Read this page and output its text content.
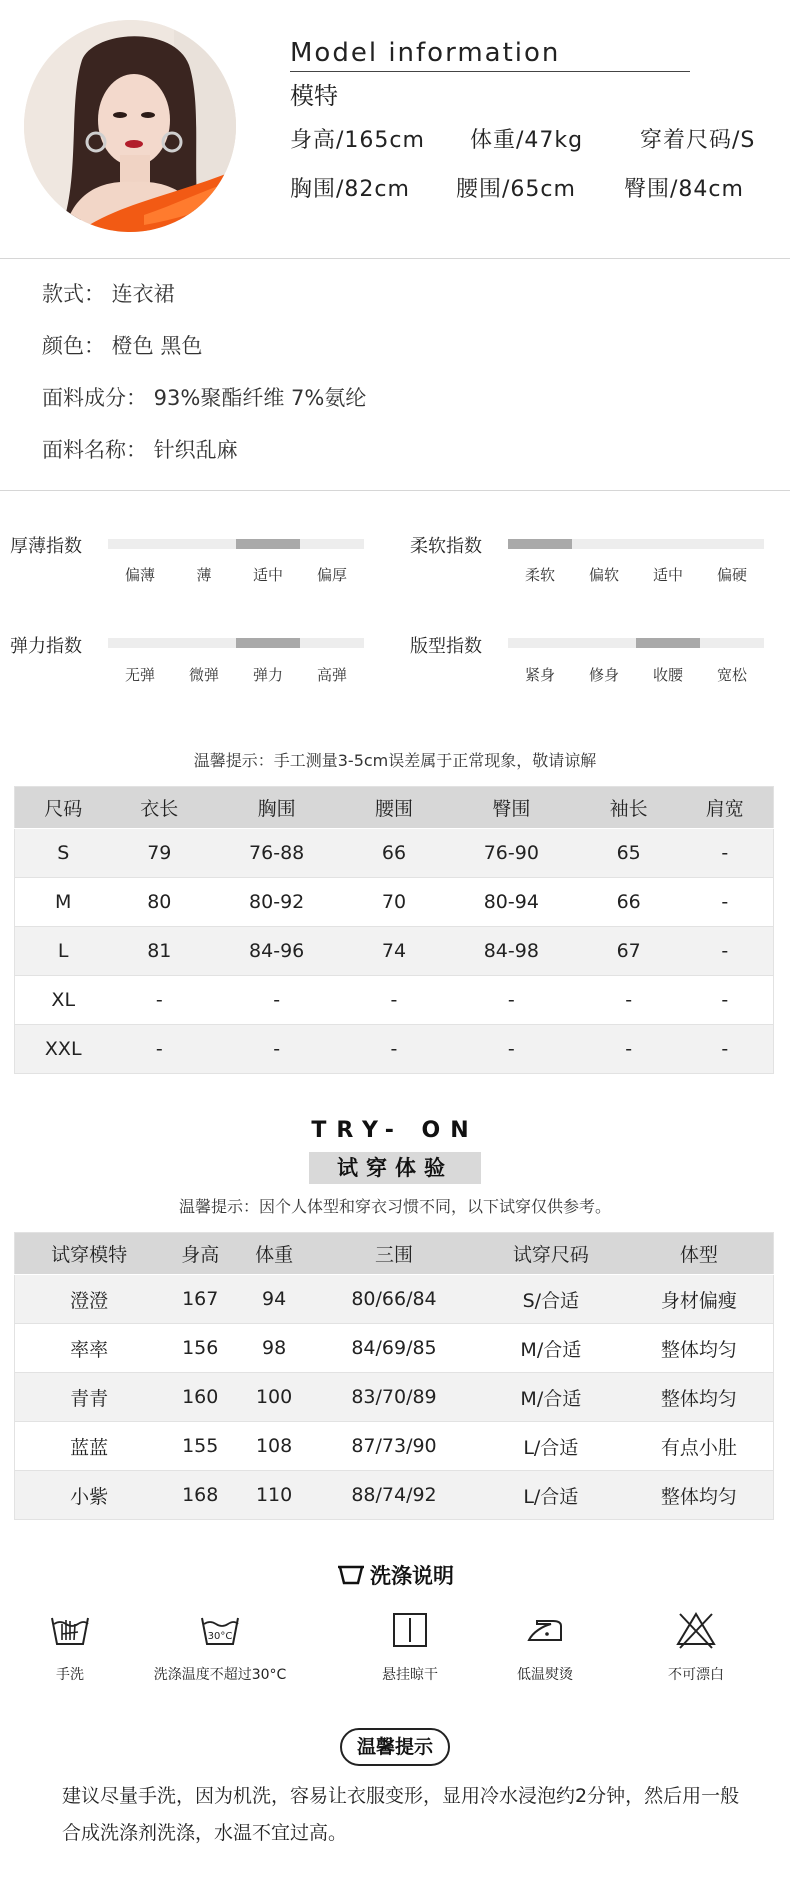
Model information
模特
身高/165cm 体重/47kg	穿着尺码/S
胸围/82cm 腰围/65cm 臀围/84cm
款式： 连衣裙
颜色： 橙色 黑色
面料成分： 93%聚酯纤维 7%氨纶
面料名称： 针织乱麻
厚薄指数
偏薄	薄	适中	偏厚
柔软指数
柔软	偏软	适中	偏硬
弹力指数
无弹	微弹	弹力	高弹
版型指数
紧身	修身	收腰	宽松
温馨提示：手工测量3-5cm误差属于正常现象，敬请谅解
尺码	衣长	胸围	腰围	臀围	袖长	肩宽
S	79	76-88	66	76-90	65	-
M	80	80-92	70	80-94	66	-
L	81	84-96	74	84-98	67	-
XL	-	-	-	-	-	-
XXL	-	-	-	-	-	-
TRY- ON
试穿体验
温馨提示：因个人体型和穿衣习惯不同，以下试穿仅供参考。
试穿模特	身高	体重	三围	试穿尺码	体型
澄澄	167	94	80/66/84	S/合适	身材偏瘦
率率	156	98	84/69/85	M/合适	整体均匀
青青	160	100	83/70/89	M/合适	整体均匀
蓝蓝	155	108	87/73/90	L/合适	有点小肚
小紫	168	110	88/74/92	L/合适	整体均匀
洗涤说明
手洗
30°C
洗涤温度不超过30°C	悬挂晾干	低温熨烫	不可漂白
温馨提示
建议尽量手洗，因为机洗，容易让衣服变形，显用冷水浸泡约2分钟，然后用一般合成洗涤剂洗涤，水温不宜过高。
